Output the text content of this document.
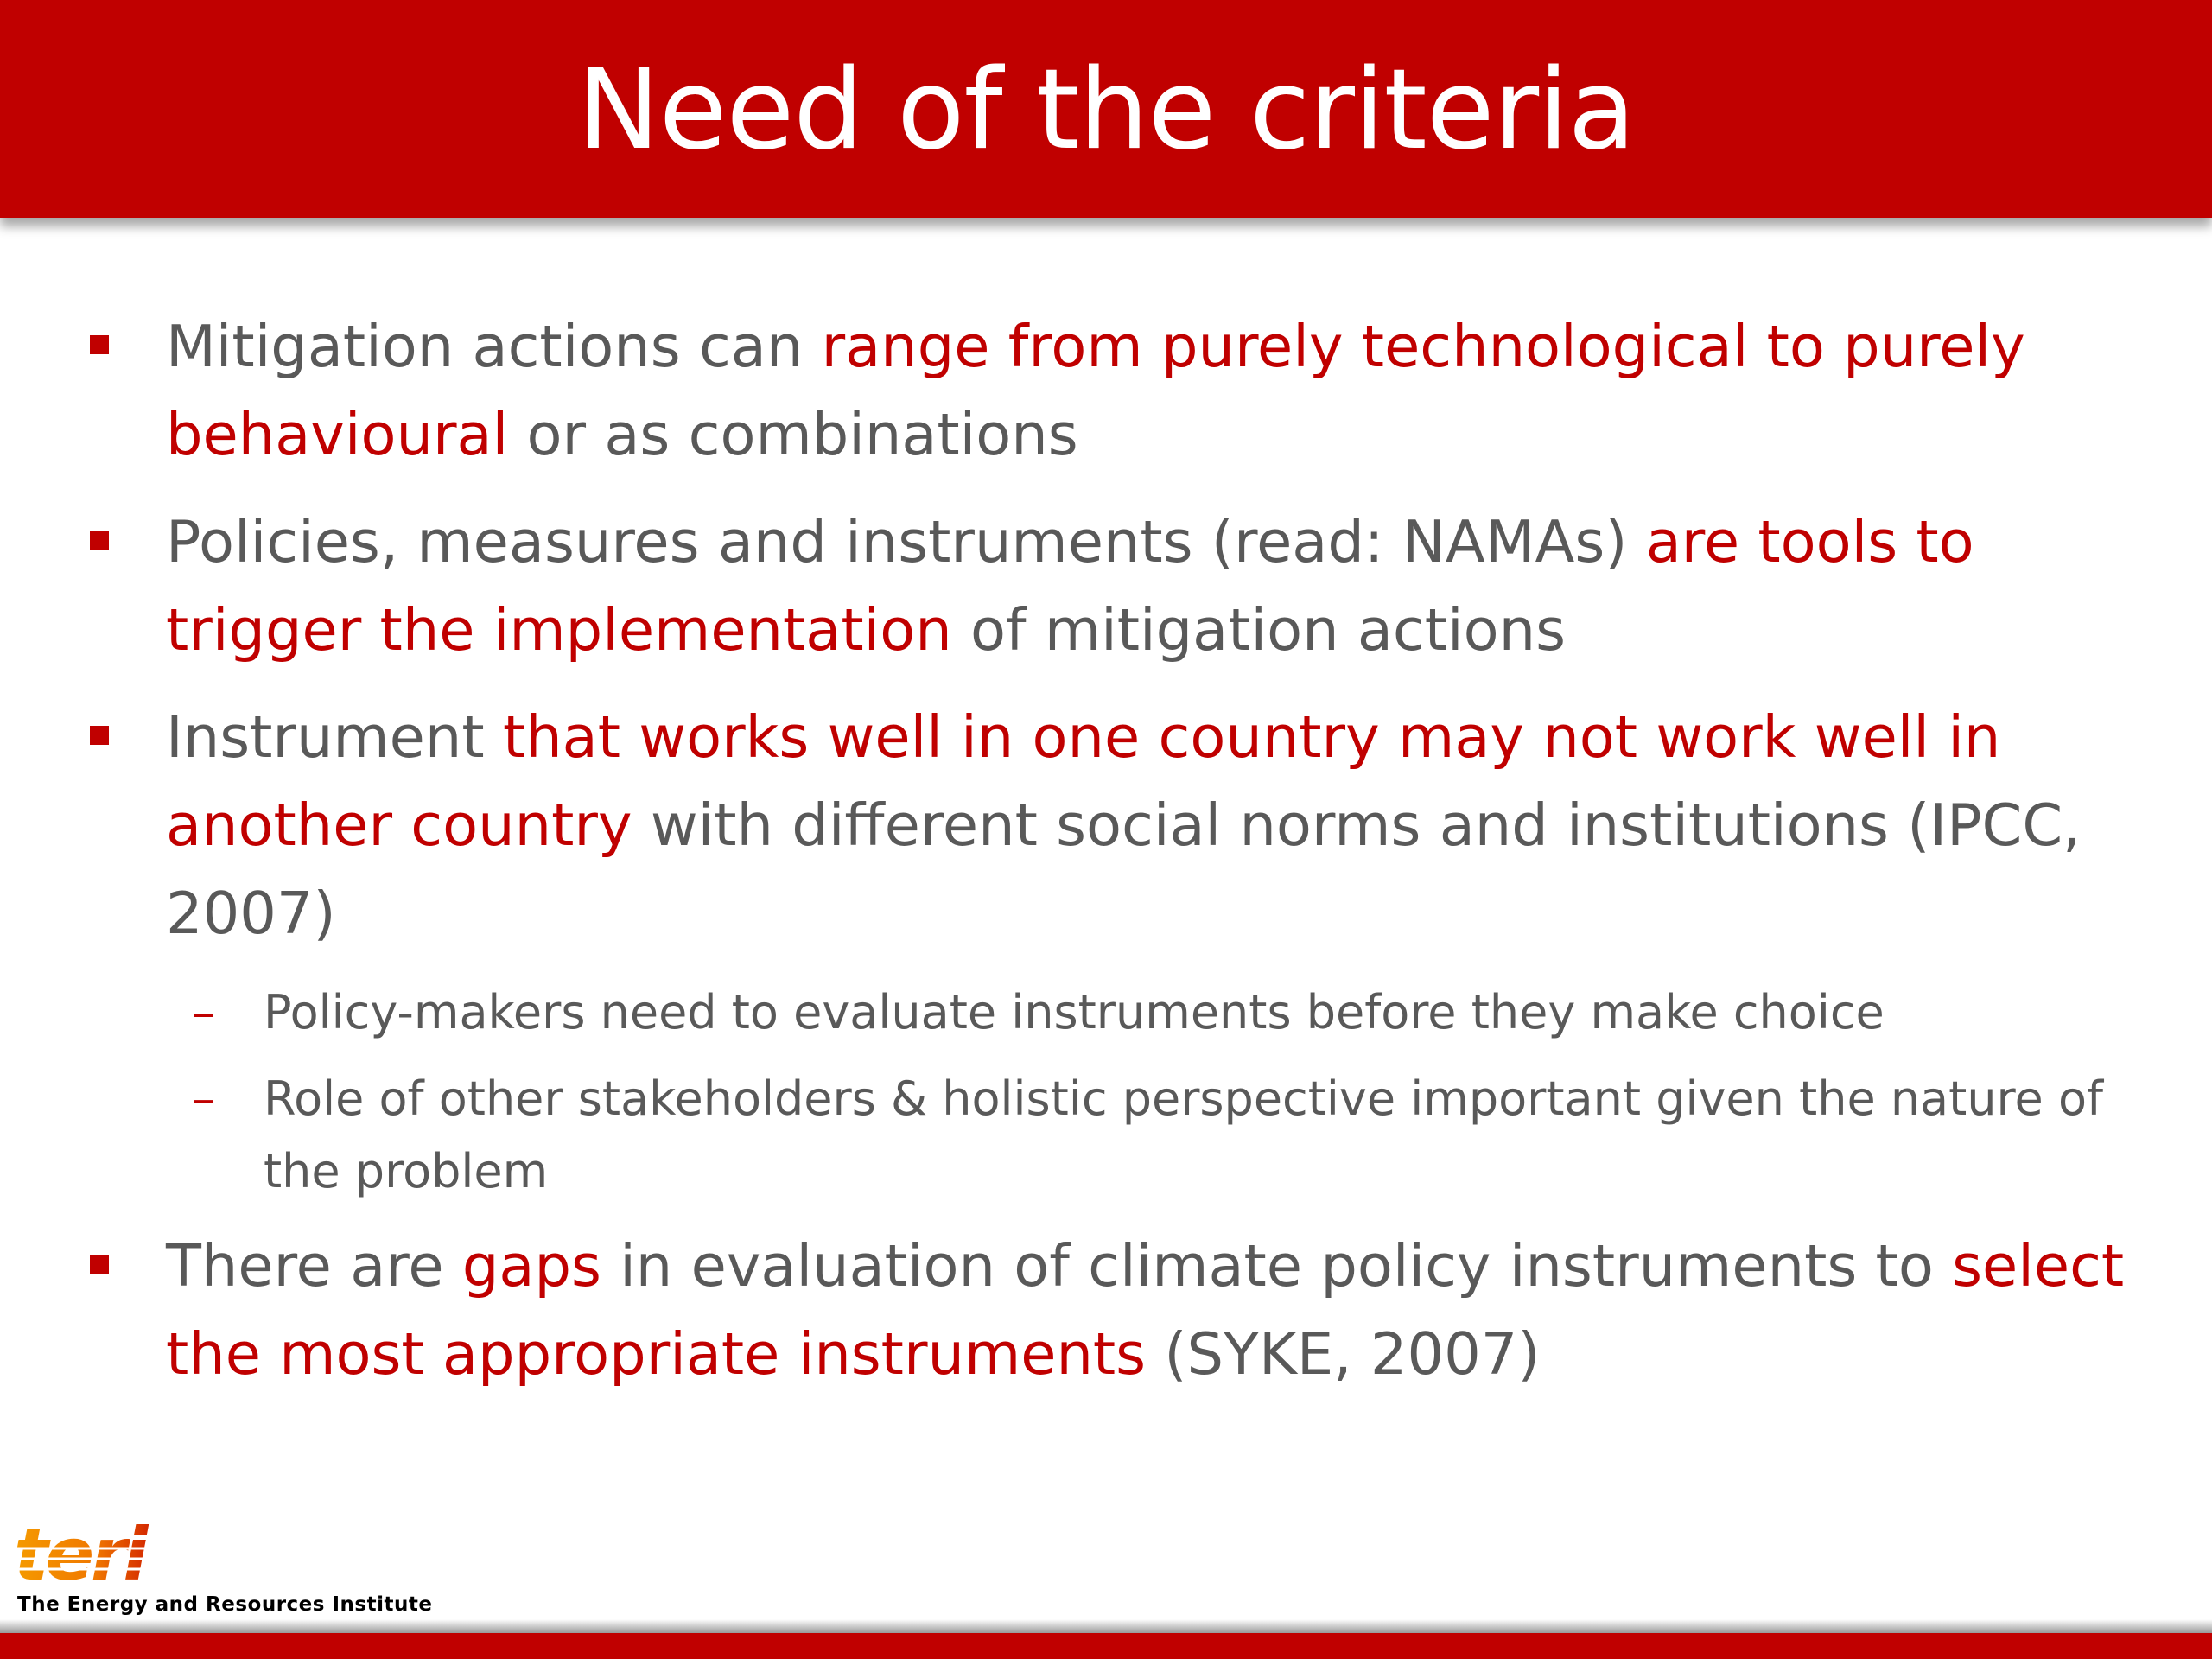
Need of the criteria
Mitigation actions can range from purely technological to purely behavioural or as combinations
Policies, measures and instruments (read: NAMAs) are tools to trigger the implementation of mitigation actions
Instrument that works well in one country may not work well in another country with different social norms and institutions (IPCC, 2007)
– Policy-makers need to evaluate instruments before they make choice
– Role of other stakeholders & holistic perspective important given the nature of the problem
There are gaps in evaluation of climate policy instruments to select the most appropriate instruments (SYKE, 2007)
teri
The Energy and Resources Institute
